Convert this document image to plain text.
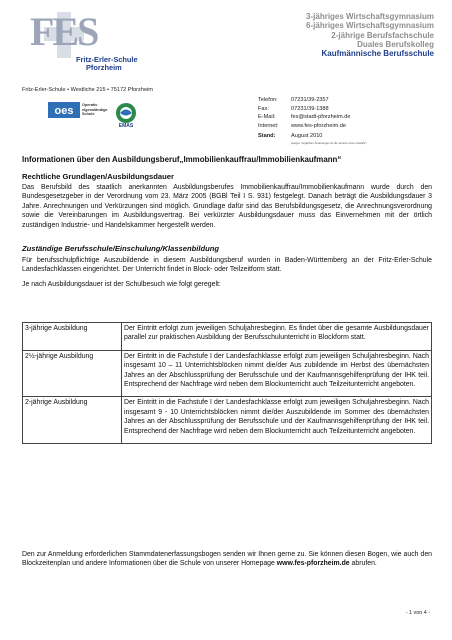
FES
Fritz-Erler-Schule
Pforzheim
3-jähriges Wirtschaftsgymnasium
6-jähriges Wirtschaftsgymnasium
2-jährige Berufsfachschule
Duales Berufskolleg
Kaufmännische Berufsschule
Fritz-Erler-Schule • Westliche 215 • 75172 Pforzheim
oes Operativ
eigenständige
Schule
EMAS
Telefon:	07231/39-2357
Fax:	07231/39-1388
E-Mail:	fes@stadt-pforzheim.de
Internet:	www.fes-pforzheim.de
Stand:	August 2010
(wegen möglichen Änderungen ist die Version ohne Gewähr)
Informationen über den Ausbildungsberuf„Immobilienkauffrau/Immobilienkaufmann“
Rechtliche Grundlagen/Ausbildungsdauer
Das Berufsbild des staatlich anerkannten Ausbildungsberufes Immobilienkauffrau/Immobilienkaufmann wurde durch den Bundesgesetzgeber in der Verordnung vom 23. März 2005 (BGBl Teil I S. 931) festgelegt. Danach beträgt die Ausbildungsdauer 3 Jahre. Anrechnungen und Verkürzungen sind möglich. Grundlage dafür sind das Berufsbildungsgesetz, die Anrechnungsverordnung sowie die Vereinbarungen im Ausbildungsvertrag. Bei verkürzter Ausbildungsdauer muss das Einvernehmen mit der örtlich zuständigen Industrie- und Handelskammer hergestellt werden.
Zuständige Berufsschule/Einschulung/Klassenbildung
Für berufsschulpflichtige Auszubildende in diesem Ausbildungsberuf wurden in Baden-Württemberg an der Fritz-Erler-Schule Landesfachklassen eingerichtet. Der Unterricht findet in Block- oder Teilzeitform statt.
Je nach Ausbildungsdauer ist der Schulbesuch wie folgt geregelt:
3-jährige Ausbildung	Der Eintritt erfolgt zum jeweiligen Schuljahresbeginn. Es findet über die gesamte Ausbildungsdauer parallel zur praktischen Ausbildung der Berufsschulunterricht in Blockform statt.

2½-jährige Ausbildung	Der Eintritt in die Fachstufe I der Landesfachklasse erfolgt zum jeweiligen Schuljahresbeginn. Nach insgesamt 10 – 11 Unterrichtsblöcken nimmt die/der Aus zubildende im Herbst des übernächsten Jahres an der Abschlussprüfung der Berufsschule und der Kaufmannsgehilfenprüfung der IHK teil. Entsprechend der Nachfrage wird neben dem Blockunterricht auch Teilzeitunterricht angeboten.

2-jährige Ausbildung	Der Eintritt in die Fachstufe I der Landesfachklasse erfolgt zum jeweiligen Schuljahresbeginn. Nach insgesamt 9 - 10 Unterrichtsblöcken nimmt die/der Auszubildende im Sommer des übernächsten Jahres an der Abschlussprüfung der Berufsschule und der Kaufmannsgehilfenprüfung der IHK teil. Entsprechend der Nachfrage wird neben dem Blockunterricht auch Teilzeitunterricht angeboten.
Den zur Anmeldung erforderlichen Stammdatenerfassungsbogen senden wir Ihnen gerne zu. Sie können diesen Bogen, wie auch den Blockzeitenplan und andere Informationen über die Schule von unserer Homepage www.fes-pforzheim.de abrufen.
- 1 von 4 -
